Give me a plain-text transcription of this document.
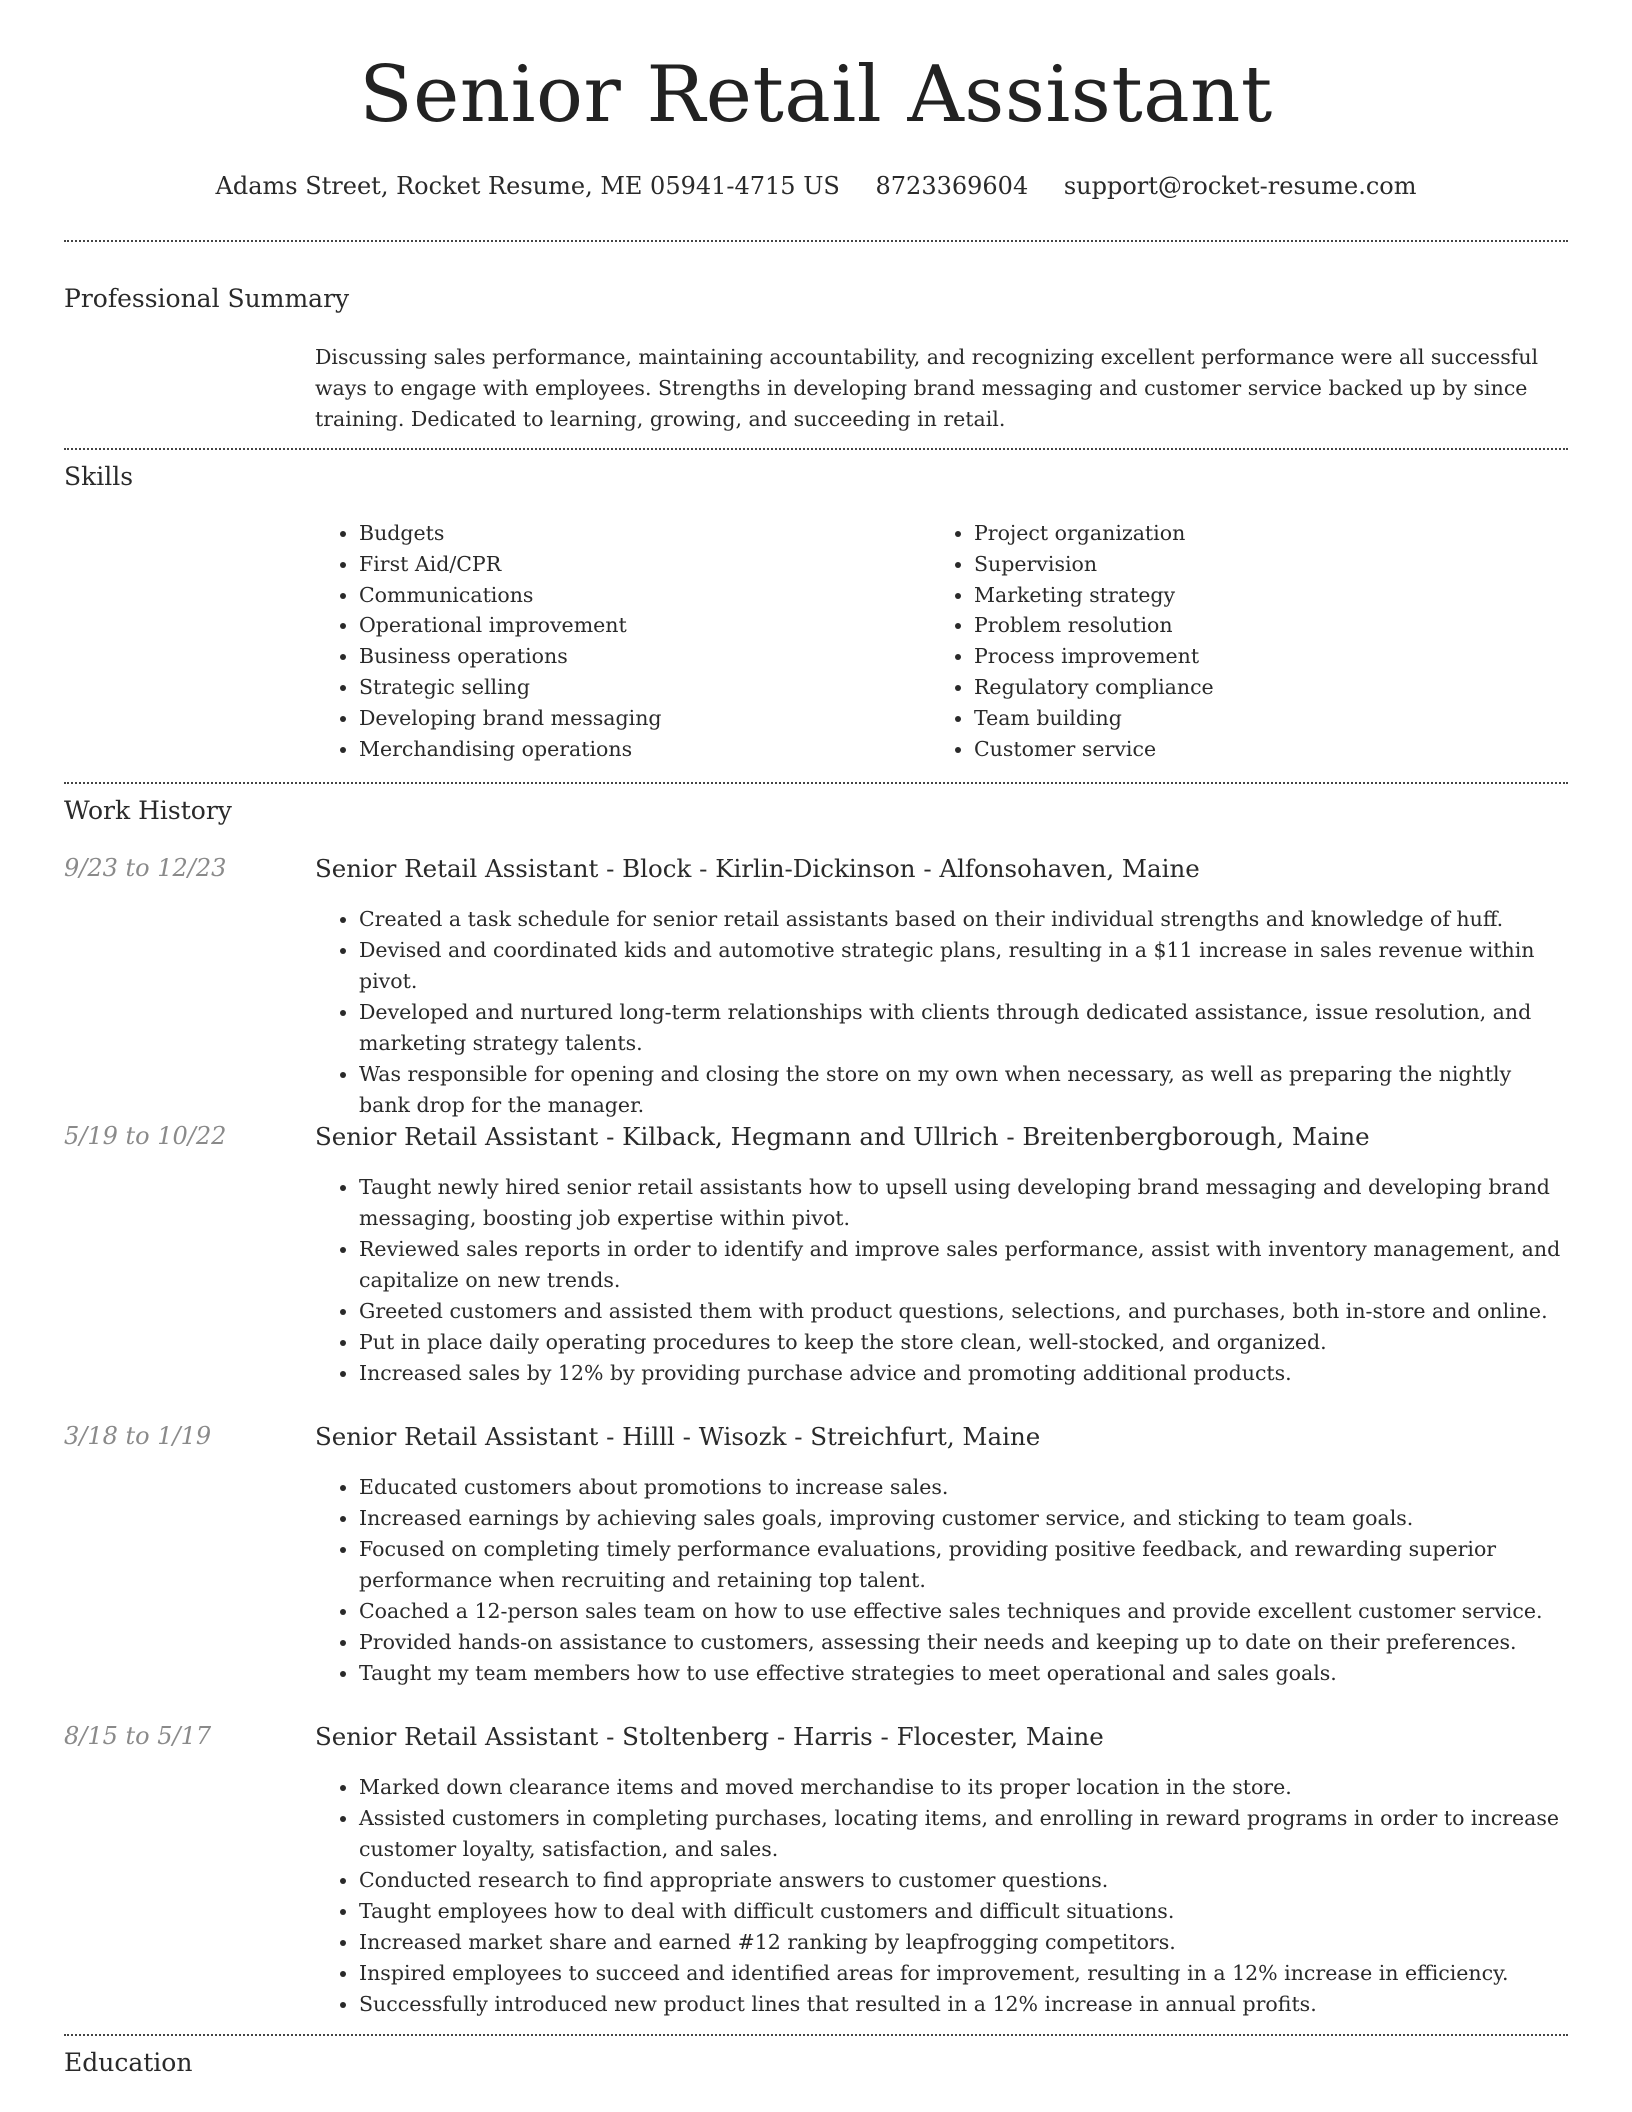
Senior Retail Assistant
Adams Street, Rocket Resume, ME 05941-4715 US 8723369604 support@rocket-resume.com
Professional Summary
Discussing sales performance, maintaining accountability, and recognizing excellent performance were all successful ways to engage with employees. Strengths in developing brand messaging and customer service backed up by since training. Dedicated to learning, growing, and succeeding in retail.
Skills
• Budgets
• First Aid/CPR
• Communications
• Operational improvement
• Business operations
• Strategic selling
• Developing brand messaging
• Merchandising operations
• Project organization
• Supervision
• Marketing strategy
• Problem resolution
• Process improvement
• Regulatory compliance
• Team building
• Customer service
Work History
9/23 to 12/23	Senior Retail Assistant - Block - Kirlin-Dickinson - Alfonsohaven, Maine
• Created a task schedule for senior retail assistants based on their individual strengths and knowledge of huff.
• Devised and coordinated kids and automotive strategic plans, resulting in a $11 increase in sales revenue within pivot.
• Developed and nurtured long-term relationships with clients through dedicated assistance, issue resolution, and marketing strategy talents.
• Was responsible for opening and closing the store on my own when necessary, as well as preparing the nightly bank drop for the manager.
5/19 to 10/22	Senior Retail Assistant - Kilback, Hegmann and Ullrich - Breitenbergborough, Maine
• Taught newly hired senior retail assistants how to upsell using developing brand messaging and developing brand messaging, boosting job expertise within pivot.
• Reviewed sales reports in order to identify and improve sales performance, assist with inventory management, and capitalize on new trends.
• Greeted customers and assisted them with product questions, selections, and purchases, both in-store and online.
• Put in place daily operating procedures to keep the store clean, well-stocked, and organized.
• Increased sales by 12% by providing purchase advice and promoting additional products.
3/18 to 1/19	Senior Retail Assistant - Hilll - Wisozk - Streichfurt, Maine
• Educated customers about promotions to increase sales.
• Increased earnings by achieving sales goals, improving customer service, and sticking to team goals.
• Focused on completing timely performance evaluations, providing positive feedback, and rewarding superior performance when recruiting and retaining top talent.
• Coached a 12-person sales team on how to use effective sales techniques and provide excellent customer service.
• Provided hands-on assistance to customers, assessing their needs and keeping up to date on their preferences.
• Taught my team members how to use effective strategies to meet operational and sales goals.
8/15 to 5/17	Senior Retail Assistant - Stoltenberg - Harris - Flocester, Maine
• Marked down clearance items and moved merchandise to its proper location in the store.
• Assisted customers in completing purchases, locating items, and enrolling in reward programs in order to increase customer loyalty, satisfaction, and sales.
• Conducted research to find appropriate answers to customer questions.
• Taught employees how to deal with difficult customers and difficult situations.
• Increased market share and earned #12 ranking by leapfrogging competitors.
• Inspired employees to succeed and identified areas for improvement, resulting in a 12% increase in efficiency.
• Successfully introduced new product lines that resulted in a 12% increase in annual profits.
Education
